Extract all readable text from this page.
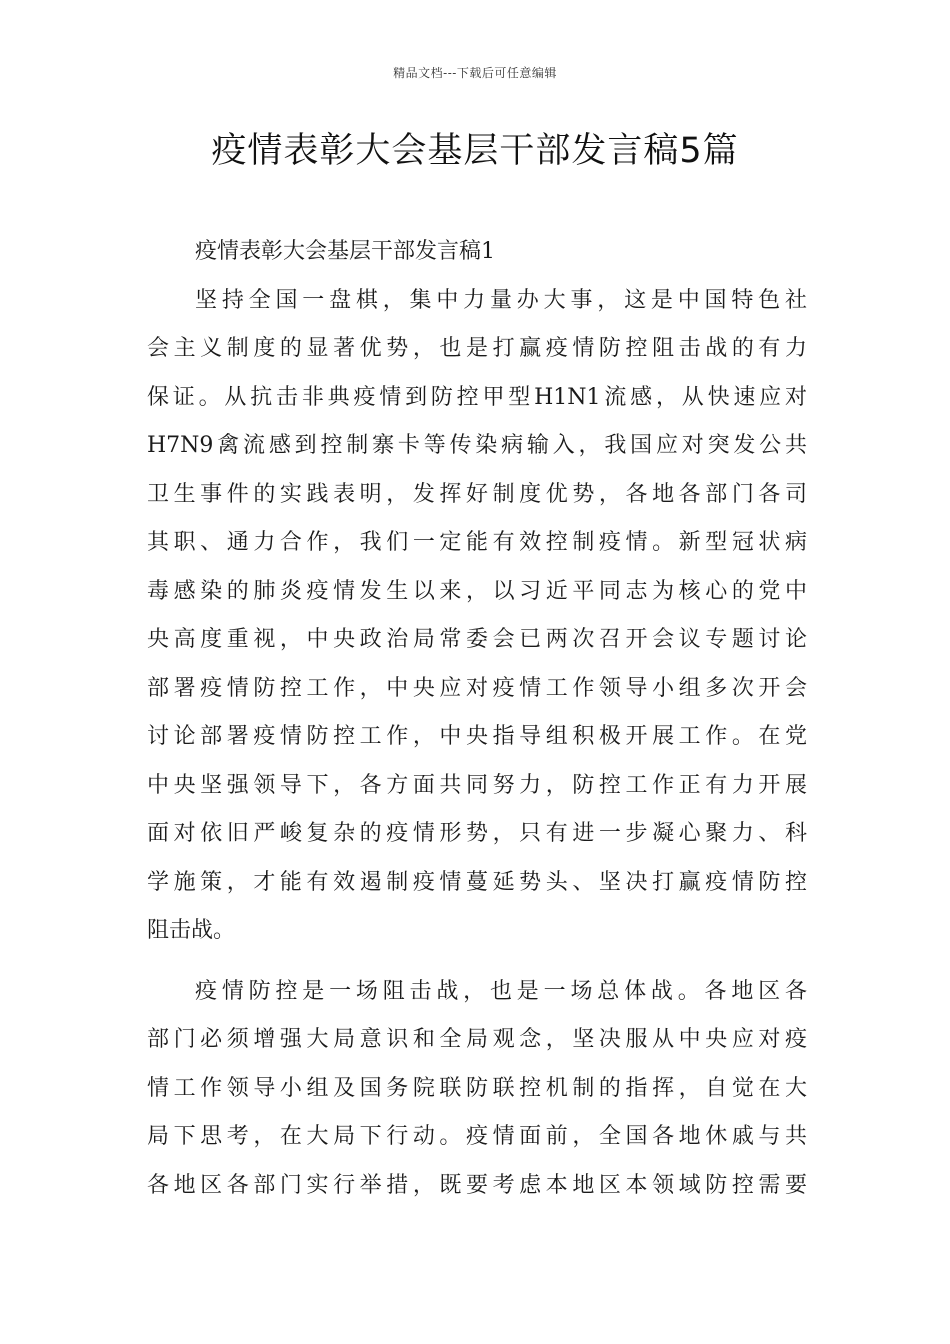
精品文档---下载后可任意编辑
疫情表彰大会基层干部发言稿5篇
疫情表彰大会基层干部发言稿1
坚持全国一盘棋，集中力量办大事，这是中国特色社
会主义制度的显著优势，也是打赢疫情防控阻击战的有力
保证。从抗击非典疫情到防控甲型H1N1流感，从快速应对
H7N9禽流感到控制寨卡等传染病输入，我国应对突发公共
卫生事件的实践表明，发挥好制度优势，各地各部门各司
其职、通力合作，我们一定能有效控制疫情。新型冠状病
毒感染的肺炎疫情发生以来，以习近平同志为核心的党中
央高度重视，中央政治局常委会已两次召开会议专题讨论
部署疫情防控工作，中央应对疫情工作领导小组多次开会
讨论部署疫情防控工作，中央指导组积极开展工作。在党
中央坚强领导下，各方面共同努力，防控工作正有力开展
面对依旧严峻复杂的疫情形势，只有进一步凝心聚力、科
学施策，才能有效遏制疫情蔓延势头、坚决打赢疫情防控
阻击战。
疫情防控是一场阻击战，也是一场总体战。各地区各
部门必须增强大局意识和全局观念，坚决服从中央应对疫
情工作领导小组及国务院联防联控机制的指挥，自觉在大
局下思考，在大局下行动。疫情面前，全国各地休戚与共
各地区各部门实行举措，既要考虑本地区本领域防控需要
